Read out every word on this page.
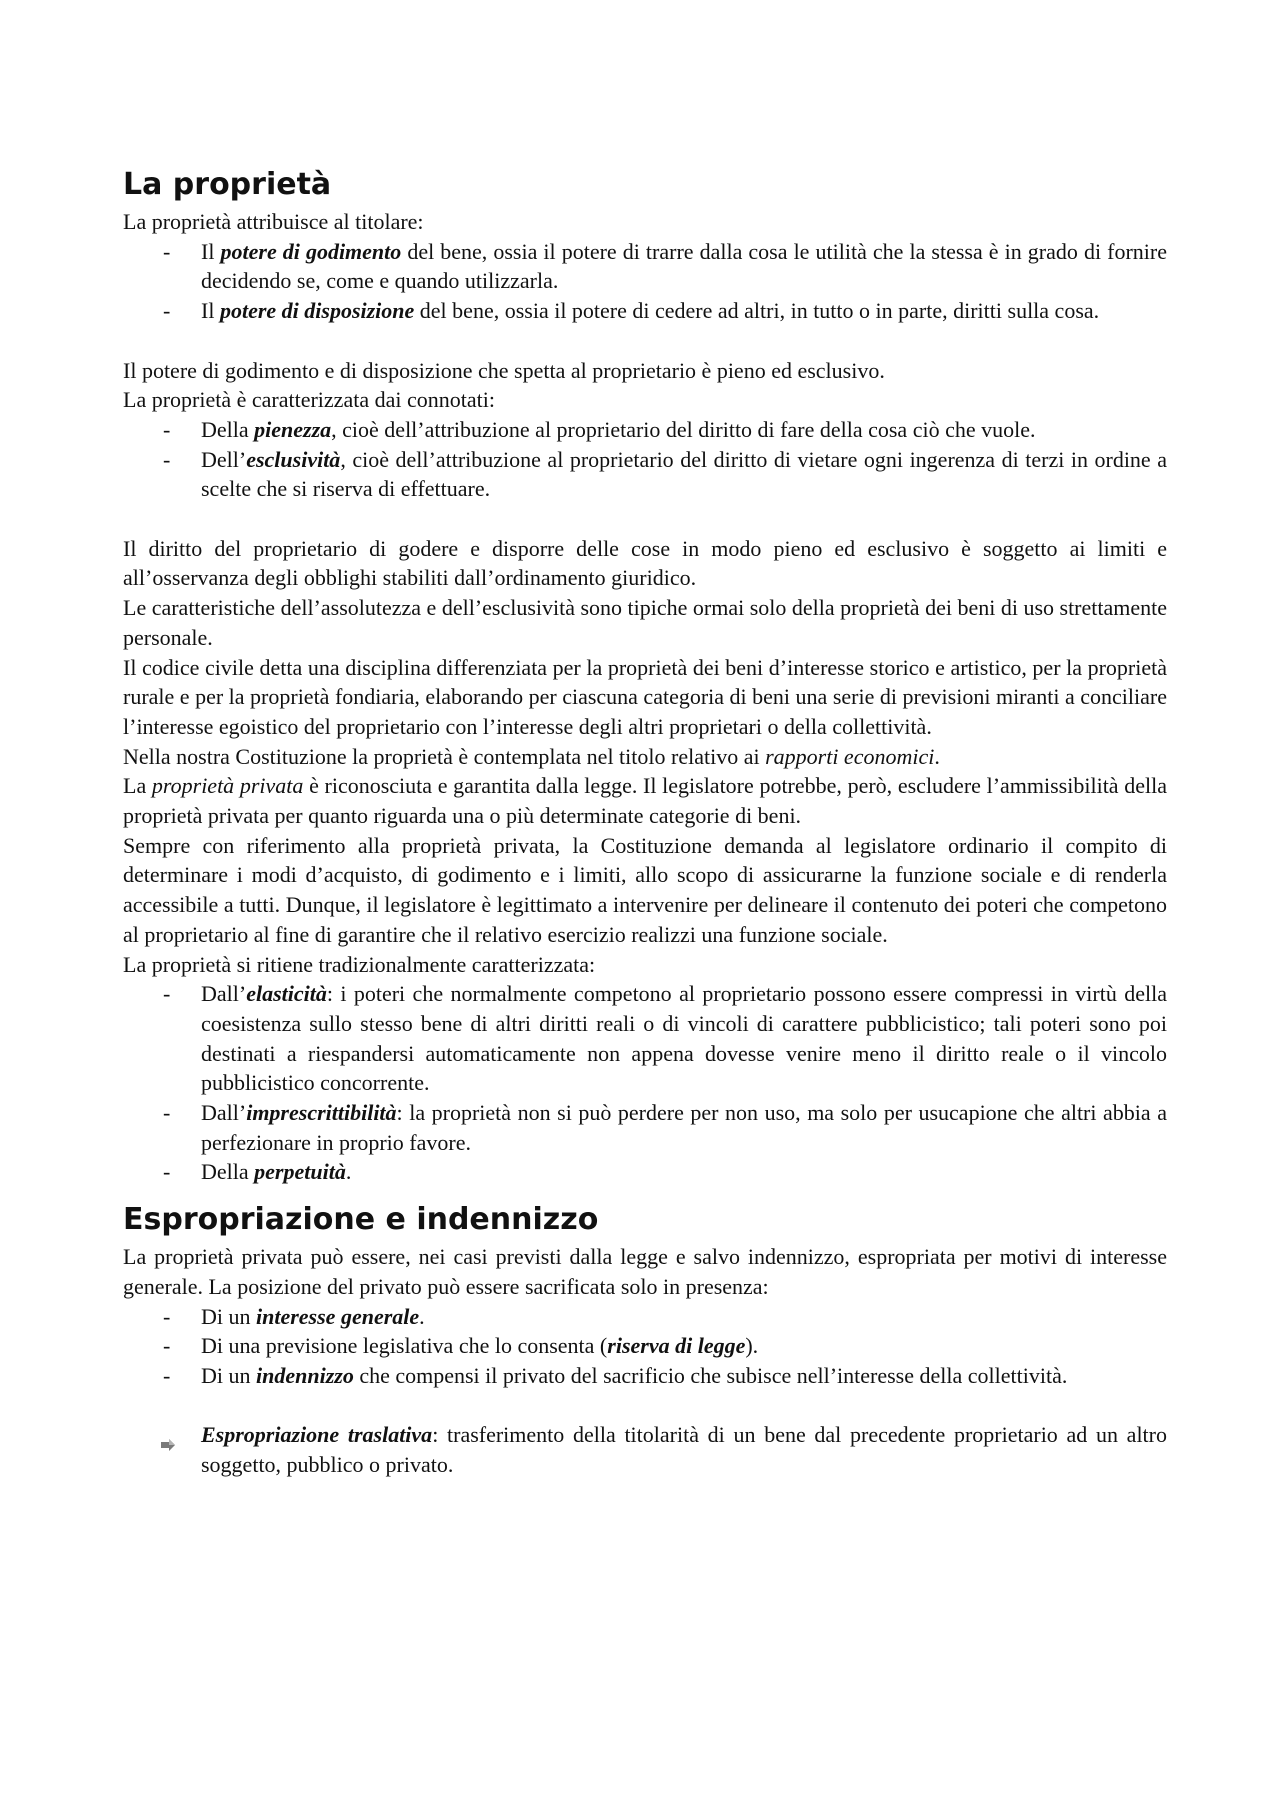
La proprietà

La proprietà attribuisce al titolare:

- Il potere di godimento del bene, ossia il potere di trarre dalla cosa le utilità che la stessa è in grado di fornire decidendo se, come e quando utilizzarla.
- Il potere di disposizione del bene, ossia il potere di cedere ad altri, in tutto o in parte, diritti sulla cosa.

Il potere di godimento e di disposizione che spetta al proprietario è pieno ed esclusivo.

La proprietà è caratterizzata dai connotati:

- Della pienezza, cioè dell’attribuzione al proprietario del diritto di fare della cosa ciò che vuole.
- Dell’esclusività, cioè dell’attribuzione al proprietario del diritto di vietare ogni ingerenza di terzi in ordine a scelte che si riserva di effettuare.

Il diritto del proprietario di godere e disporre delle cose in modo pieno ed esclusivo è soggetto ai limiti e all’osservanza degli obblighi stabiliti dall’ordinamento giuridico.

Le caratteristiche dell’assolutezza e dell’esclusività sono tipiche ormai solo della proprietà dei beni di uso strettamente personale.

Il codice civile detta una disciplina differenziata per la proprietà dei beni d’interesse storico e artistico, per la proprietà rurale e per la proprietà fondiaria, elaborando per ciascuna categoria di beni una serie di previsioni miranti a conciliare l’interesse egoistico del proprietario con l’interesse degli altri proprietari o della collettività.

Nella nostra Costituzione la proprietà è contemplata nel titolo relativo ai rapporti economici.

La proprietà privata è riconosciuta e garantita dalla legge. Il legislatore potrebbe, però, escludere l’ammissibilità della proprietà privata per quanto riguarda una o più determinate categorie di beni.

Sempre con riferimento alla proprietà privata, la Costituzione demanda al legislatore ordinario il compito di determinare i modi d’acquisto, di godimento e i limiti, allo scopo di assicurarne la funzione sociale e di renderla accessibile a tutti. Dunque, il legislatore è legittimato a intervenire per delineare il contenuto dei poteri che competono al proprietario al fine di garantire che il relativo esercizio realizzi una funzione sociale.

La proprietà si ritiene tradizionalmente caratterizzata:

- Dall’elasticità: i poteri che normalmente competono al proprietario possono essere compressi in virtù della coesistenza sullo stesso bene di altri diritti reali o di vincoli di carattere pubblicistico; tali poteri sono poi destinati a riespandersi automaticamente non appena dovesse venire meno il diritto reale o il vincolo pubblicistico concorrente.
- Dall’imprescrittibilità: la proprietà non si può perdere per non uso, ma solo per usucapione che altri abbia a perfezionare in proprio favore.
- Della perpetuità.
Espropriazione e indennizzo

La proprietà privata può essere, nei casi previsti dalla legge e salvo indennizzo, espropriata per motivi di interesse generale. La posizione del privato può essere sacrificata solo in presenza:

- Di un interesse generale.
- Di una previsione legislativa che lo consenta (riserva di legge).
- Di un indennizzo che compensi il privato del sacrificio che subisce nell’interesse della collettività.
Espropriazione traslativa: trasferimento della titolarità di un bene dal precedente proprietario ad un altro soggetto, pubblico o privato.
